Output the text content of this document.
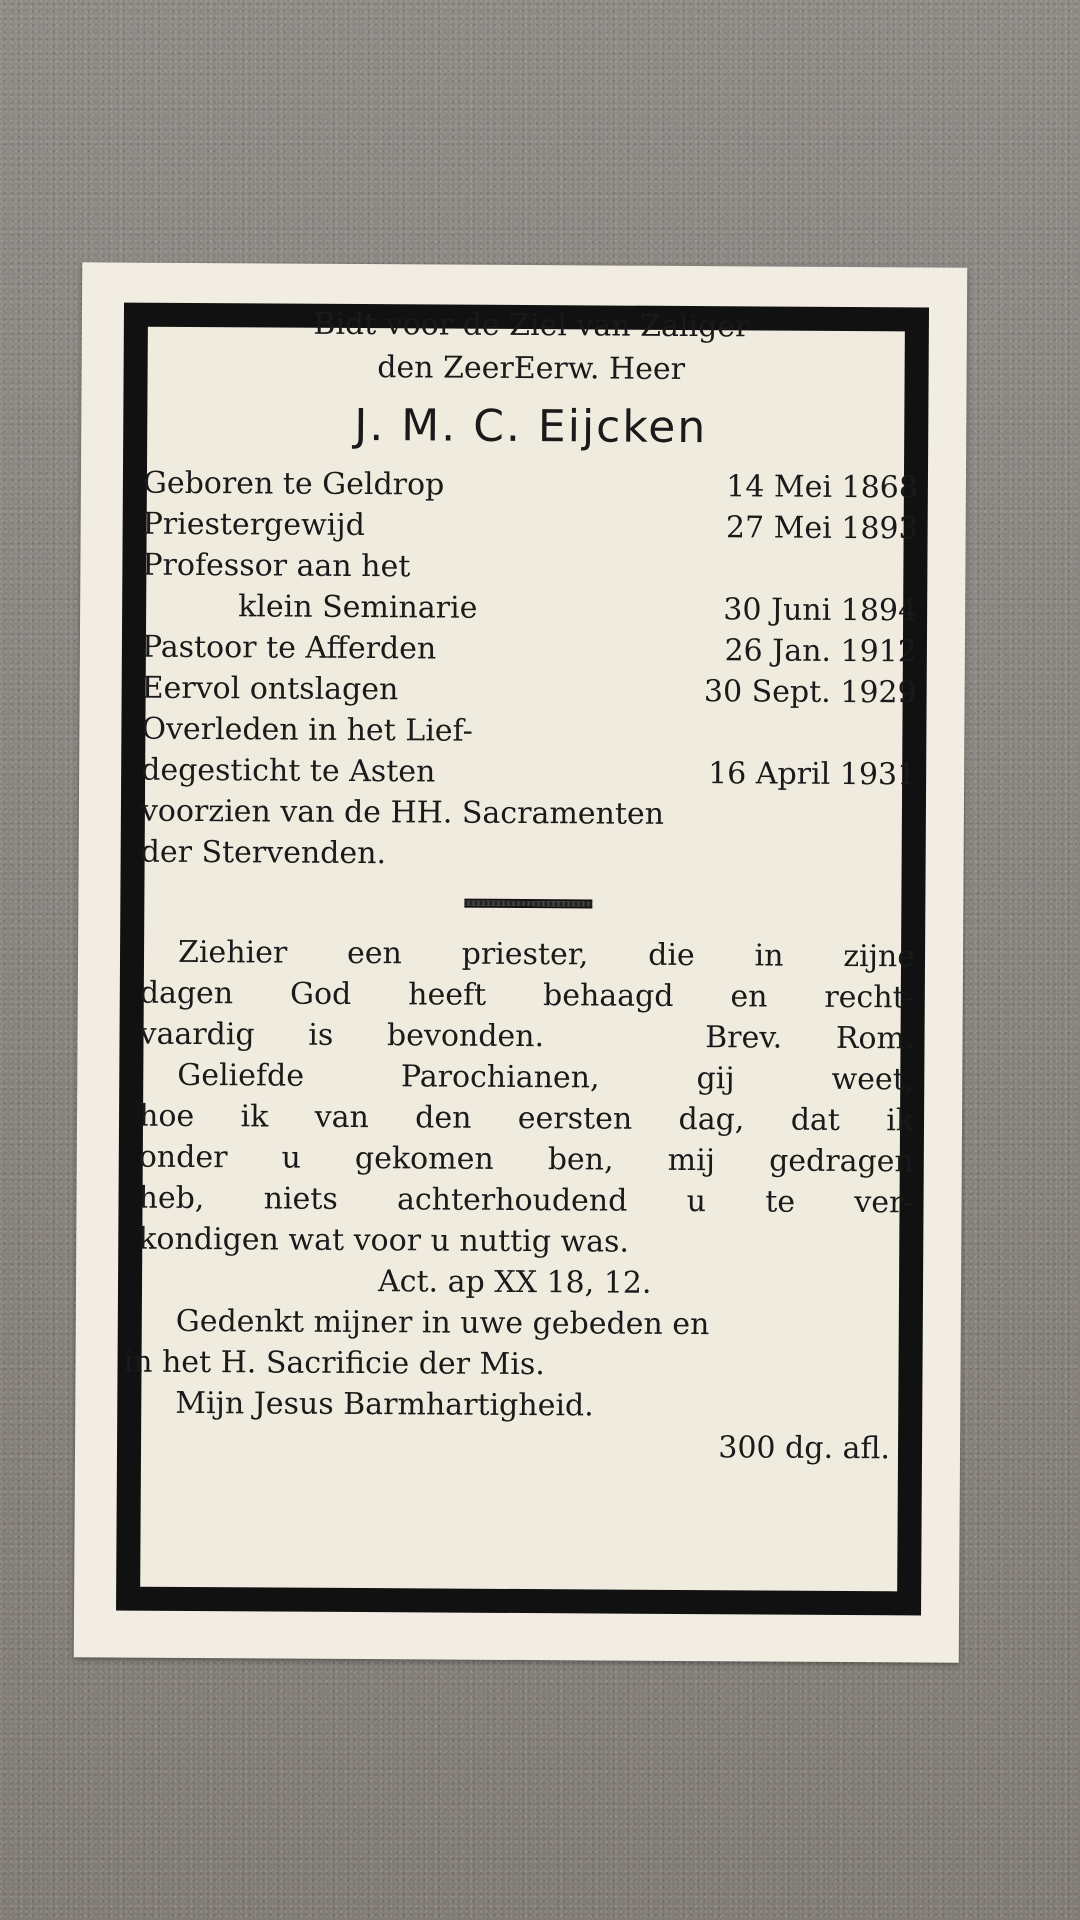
Bidt voor de Ziel van Zaliger
den ZeerEerw. Heer
J. M. C. Eijcken
Geboren te Geldrop	14 Mei 1868
Priestergewijd	27 Mei 1893
Professor aan het
klein Seminarie	30 Juni 1894
Pastoor te Afferden	26 Jan. 1912
Eervol ontslagen	30 Sept. 1929
Overleden in het Lief-
degesticht te Asten	16 April 1931
voorzien van de HH. Sacramenten
der Stervenden.
Ziehier een priester, die in zijne
dagen God heeft behaagd en recht-
vaardig is bevonden.   Brev. Rom.
Geliefde Parochianen, gij weet,
hoe ik van den eersten dag, dat ik
onder u gekomen ben, mij gedragen
heb, niets achterhoudend u te ver-
kondigen wat voor u nuttig was.
Act. ap XX 18, 12.
Gedenkt mijner in uwe gebeden en
in het H. Sacrificie der Mis.
Mijn Jesus Barmhartigheid.
300 dg. afl.
